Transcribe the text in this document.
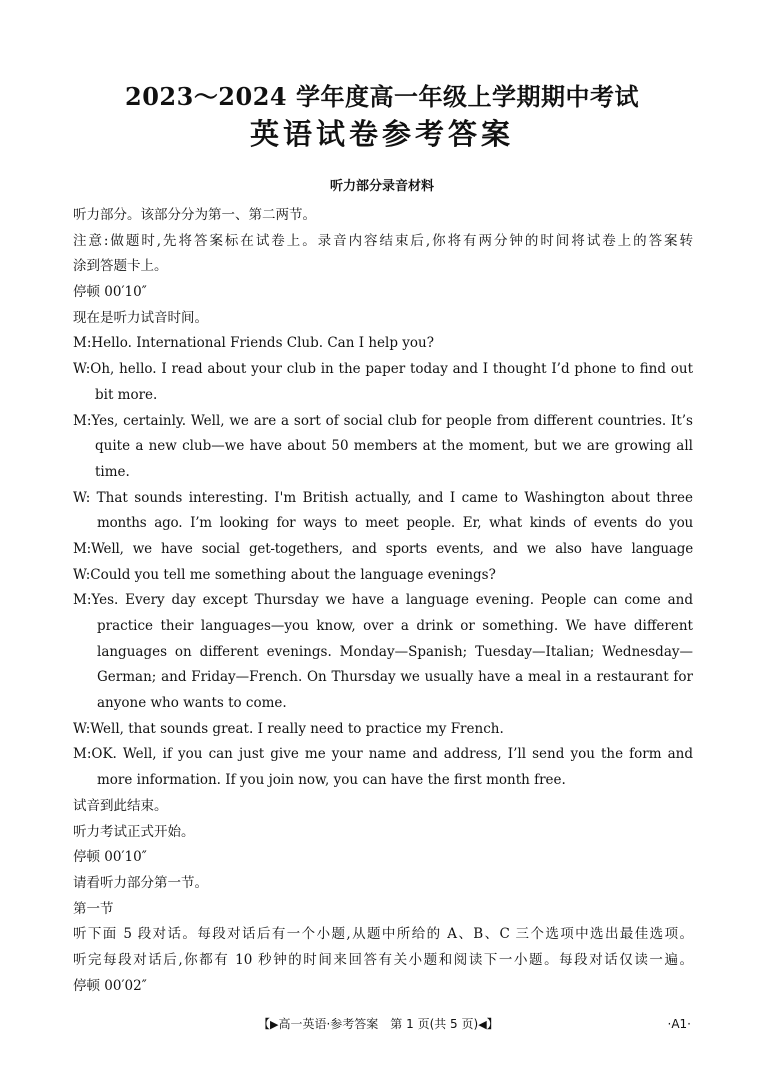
2023～2024 学年度高一年级上学期期中考试
英语试卷参考答案
听力部分录音材料
听力部分。该部分分为第一、第二两节。
注意:做题时,先将答案标在试卷上。录音内容结束后,你将有两分钟的时间将试卷上的答案转
涂到答题卡上。
停顿 00′10″
现在是听力试音时间。
M:Hello. International Friends Club. Can I help you?
W:Oh, hello. I read about your club in the paper today and I thought I’d phone to find out
bit more.
M:Yes, certainly. Well, we are a sort of social club for people from different countries. It’s
quite a new club—we have about 50 members at the moment, but we are growing all
time.
W: That sounds interesting. I'm British actually, and I came to Washington about three
months ago. I’m looking for ways to meet people. Er, what kinds of events do you
M:Well, we have social get-togethers, and sports events, and we also have language
W:Could you tell me something about the language evenings?
M:Yes. Every day except Thursday we have a language evening. People can come and
practice their languages—you know, over a drink or something. We have different
languages on different evenings. Monday—Spanish; Tuesday—Italian; Wednesday—
German; and Friday—French. On Thursday we usually have a meal in a restaurant for
anyone who wants to come.
W:Well, that sounds great. I really need to practice my French.
M:OK. Well, if you can just give me your name and address, I’ll send you the form and
more information. If you join now, you can have the first month free.
试音到此结束。
听力考试正式开始。
停顿 00′10″
请看听力部分第一节。
第一节
听下面 5 段对话。每段对话后有一个小题,从题中所给的 A、B、C 三个选项中选出最佳选项。
听完每段对话后,你都有 10 秒钟的时间来回答有关小题和阅读下一小题。每段对话仅读一遍。
停顿 00′02″
【▶高一英语·参考答案　第 1 页(共 5 页)◀】	·A1·
